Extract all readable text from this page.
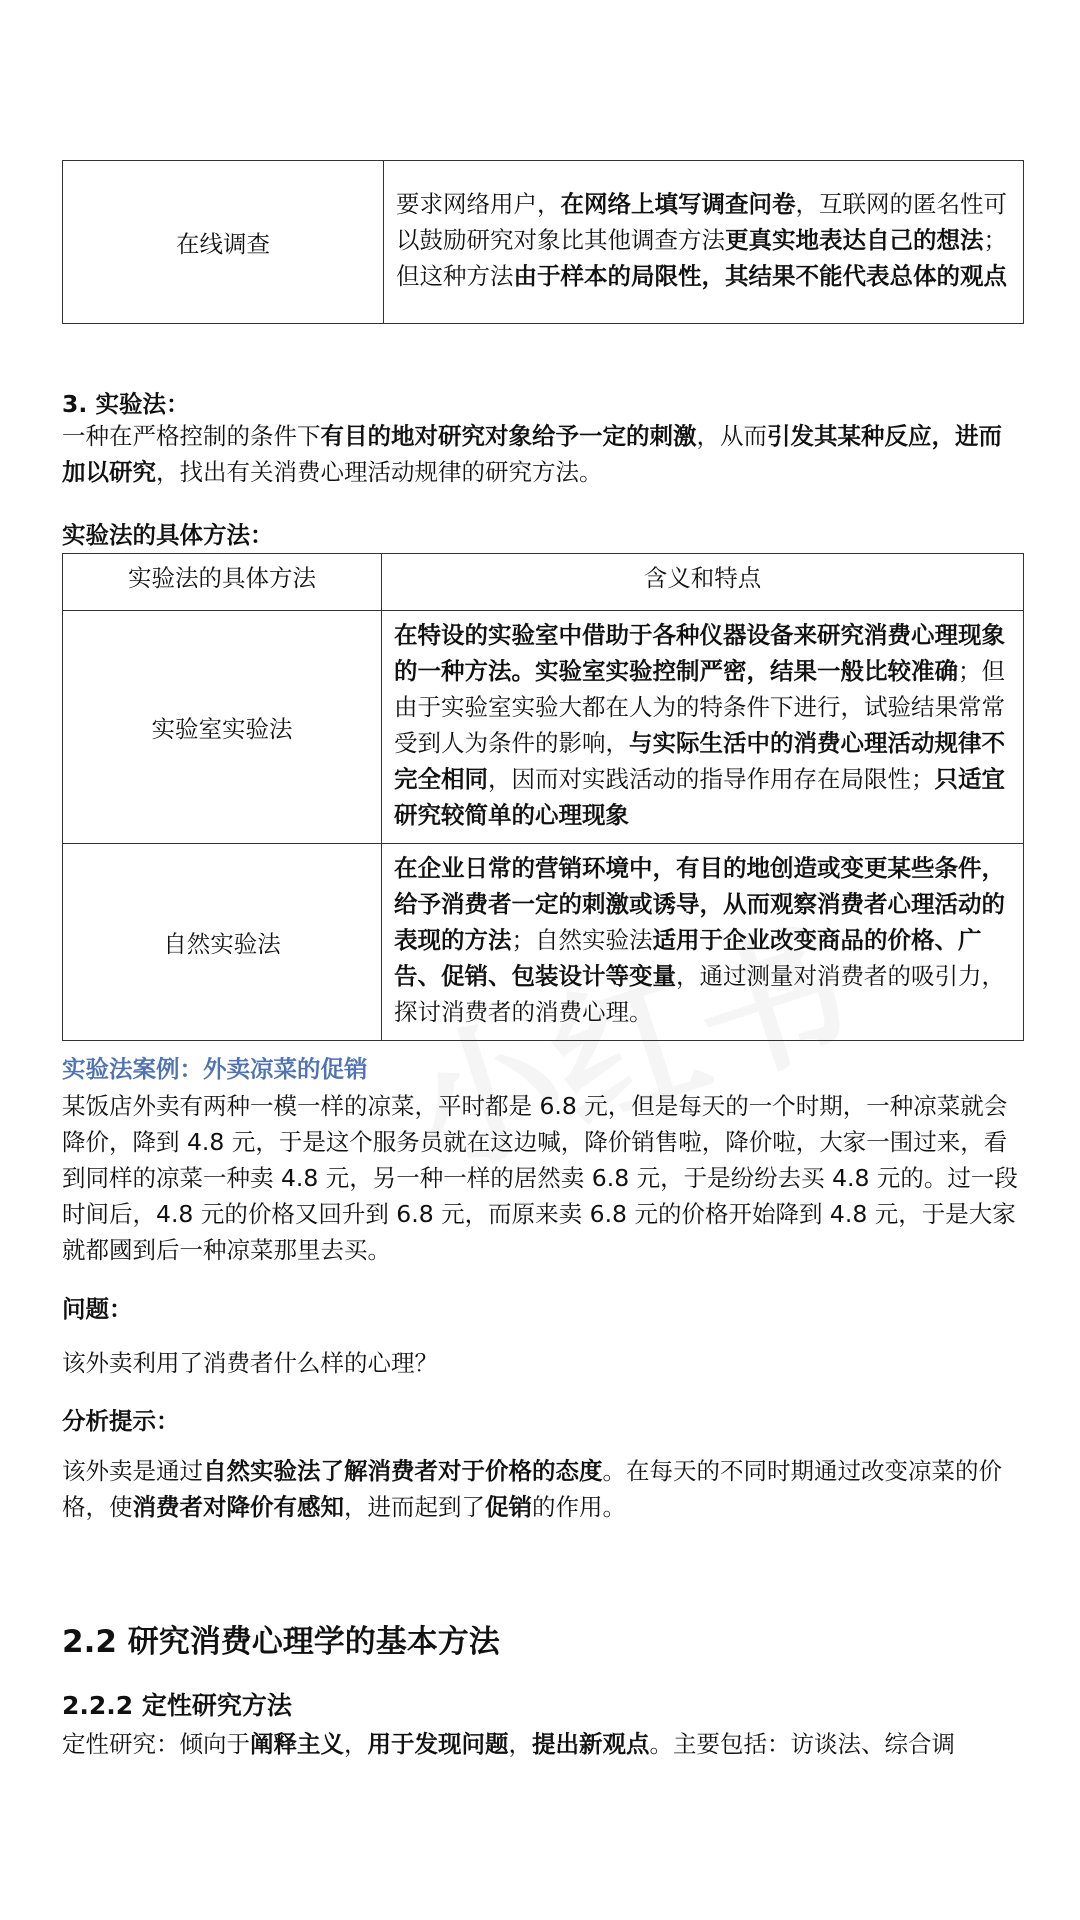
在线调查	要求网络用户，在网络上填写调查问卷，互联网的匿名性可以鼓励研究对象比其他调查方法更真实地表达自己的想法；但这种方法由于样本的局限性，其结果不能代表总体的观点
3. 实验法：
一种在严格控制的条件下有目的地对研究对象给予一定的刺激，从而引发其某种反应，进而加以研究，找出有关消费心理活动规律的研究方法。
实验法的具体方法：
实验法的具体方法	含义和特点
实验室实验法	在特设的实验室中借助于各种仪器设备来研究消费心理现象的一种方法。实验室实验控制严密，结果一般比较准确；但由于实验室实验大都在人为的特条件下进行，试验结果常常受到人为条件的影响，与实际生活中的消费心理活动规律不完全相同，因而对实践活动的指导作用存在局限性；只适宜研究较简单的心理现象
自然实验法	在企业日常的营销环境中，有目的地创造或变更某些条件，给予消费者一定的刺激或诱导，从而观察消费者心理活动的表现的方法；自然实验法适用于企业改变商品的价格、广告、促销、包装设计等变量，通过测量对消费者的吸引力，探讨消费者的消费心理。
实验法案例：外卖凉菜的促销
某饭店外卖有两种一模一样的凉菜，平时都是 6.8 元，但是每天的一个时期，一种凉菜就会降价，降到 4.8 元，于是这个服务员就在这边喊，降价销售啦，降价啦，大家一围过来，看到同样的凉菜一种卖 4.8 元，另一种一样的居然卖 6.8 元，于是纷纷去买 4.8 元的。过一段时间后，4.8 元的价格又回升到 6.8 元，而原来卖 6.8 元的价格开始降到 4.8 元，于是大家就都國到后一种凉菜那里去买。
问题：
该外卖利用了消费者什么样的心理？
分析提示：
该外卖是通过自然实验法了解消费者对于价格的态度。在每天的不同时期通过改变凉菜的价格，使消费者对降价有感知，进而起到了促销的作用。
2.2 研究消费心理学的基本方法
2.2.2 定性研究方法
定性研究：倾向于阐释主义，用于发现问题，提出新观点。主要包括：访谈法、综合调
